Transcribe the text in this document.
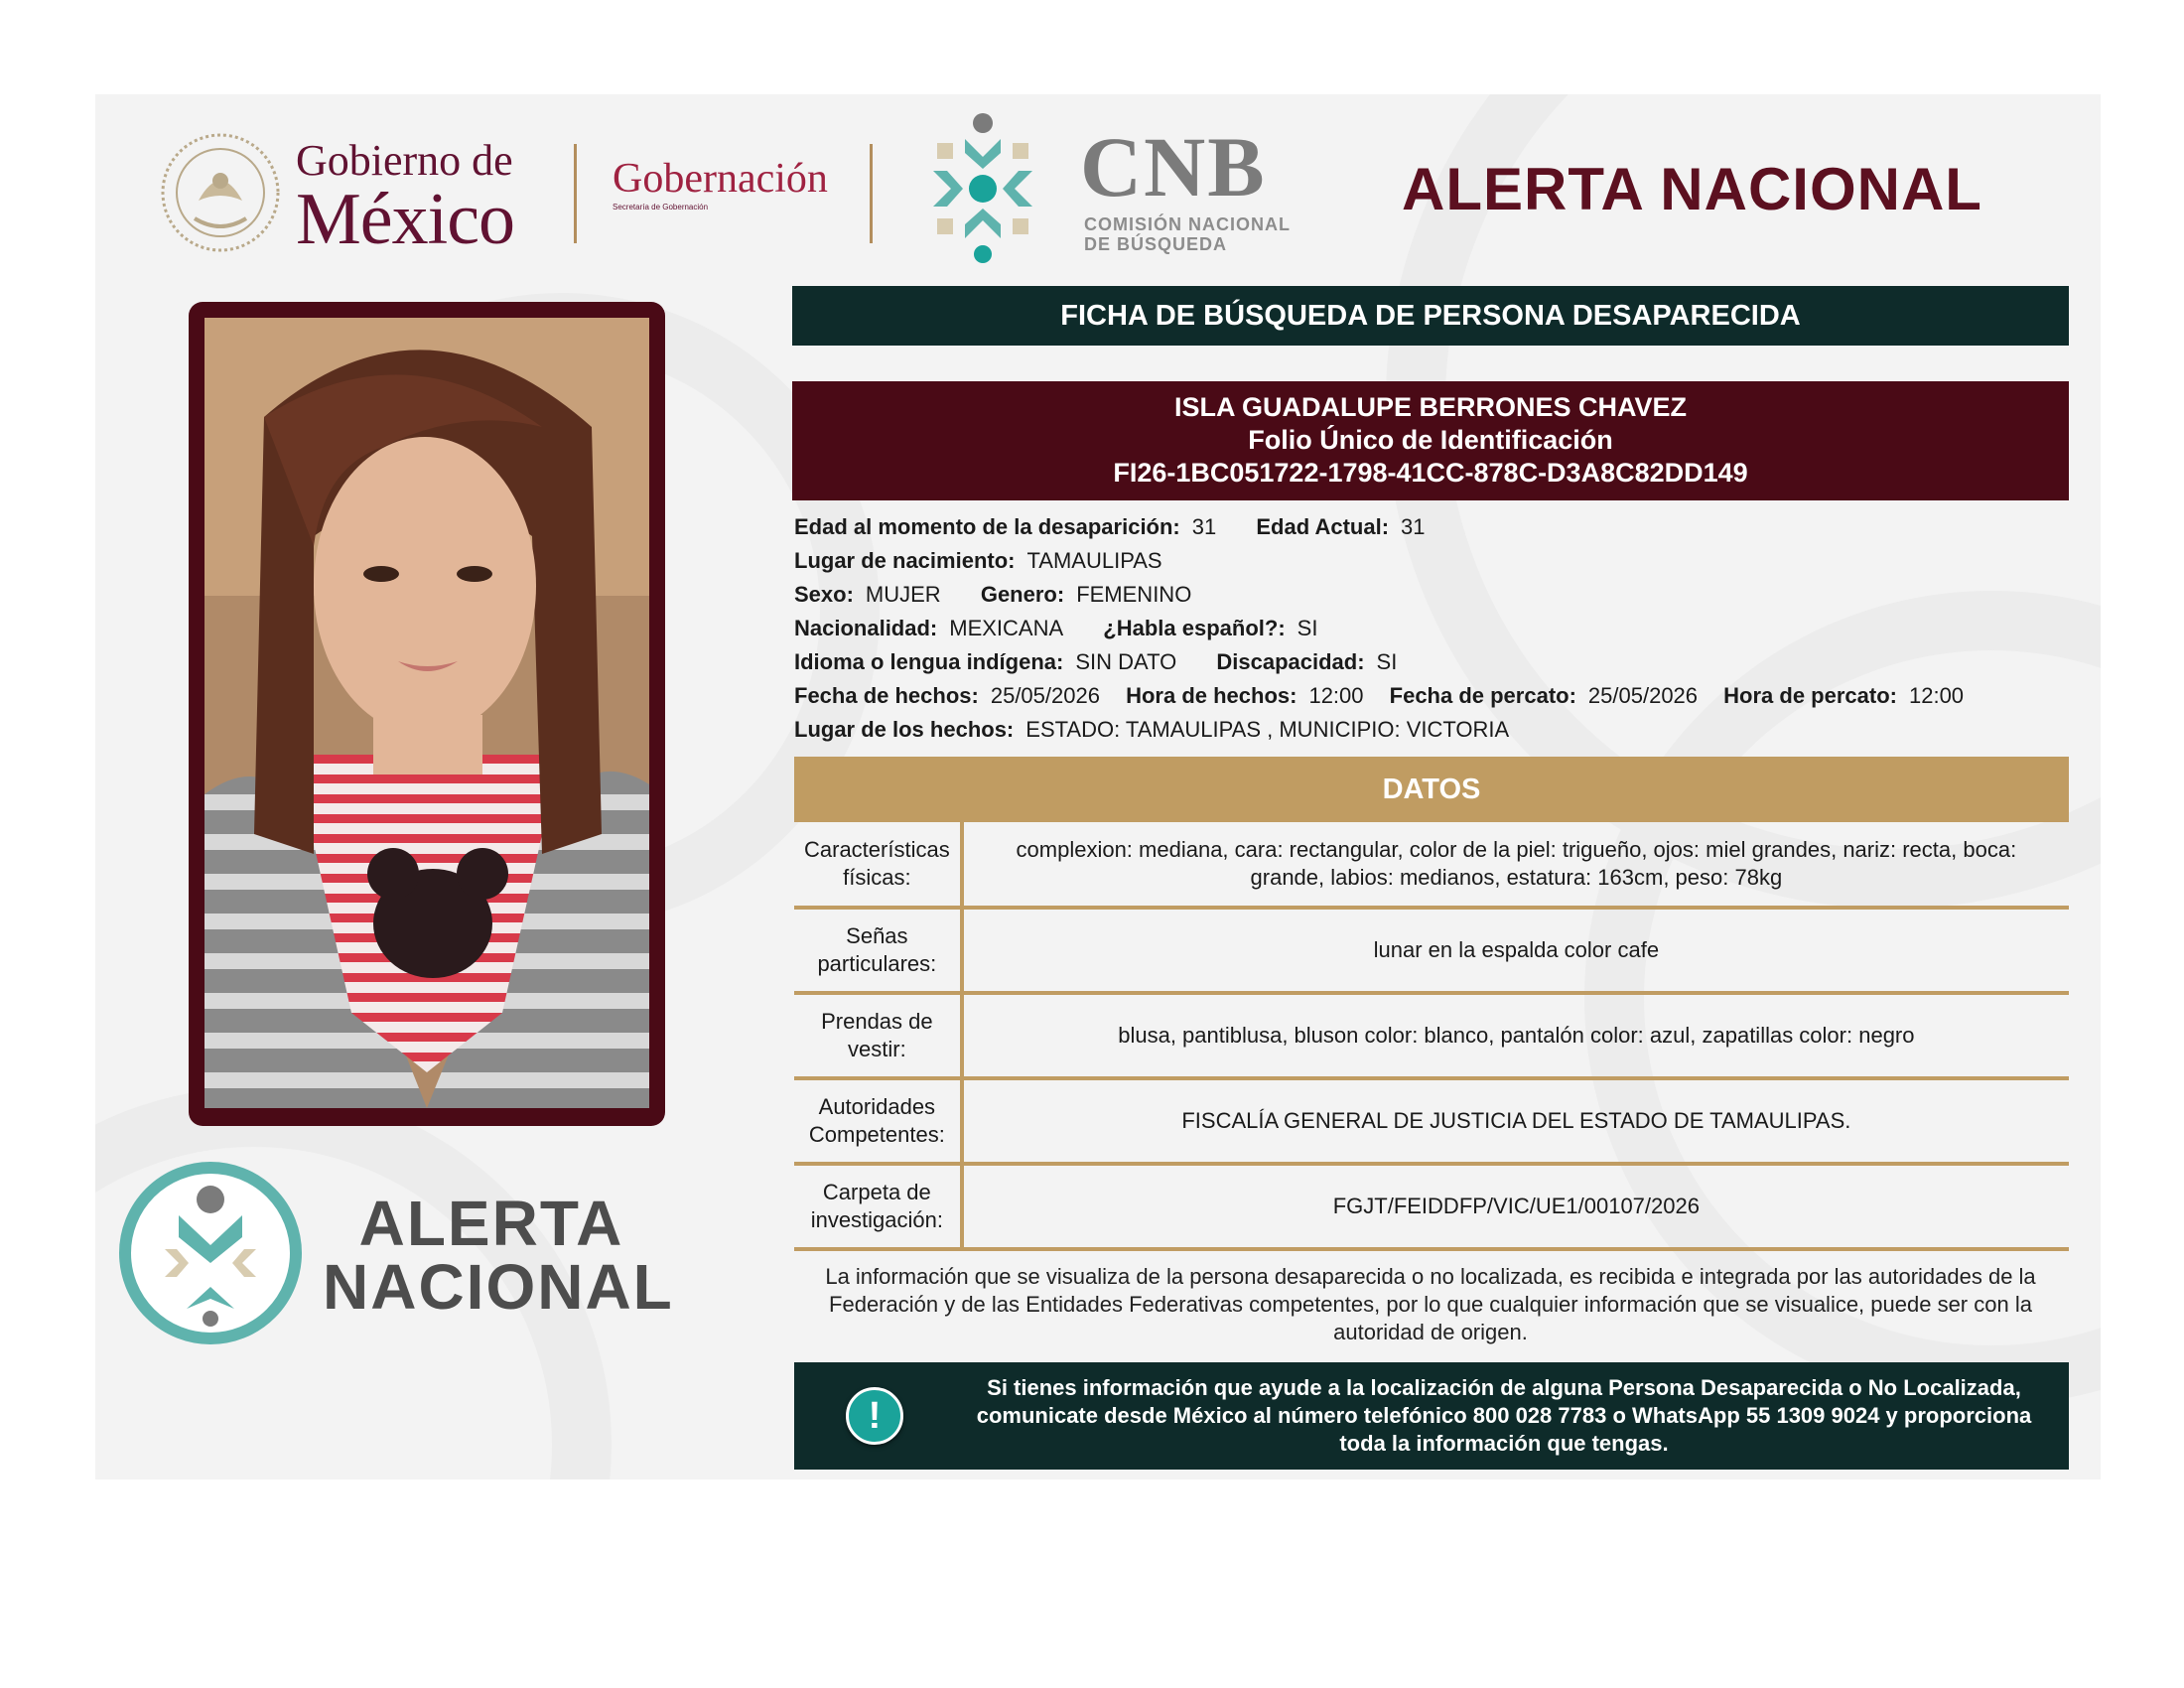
Gobierno de
México Gobernación
Secretaría de Gobernación	CNB
COMISIÓN NACIONAL
DE BÚSQUEDA
ALERTA NACIONAL
ALERTA
NACIONAL
FICHA DE BÚSQUEDA DE PERSONA DESAPARECIDA
ISLA GUADALUPE BERRONES CHAVEZ
Folio Único de Identificación
FI26-1BC051722-1798-41CC-878C-D3A8C82DD149
Edad al momento de la desaparición: 31 Edad Actual: 31
Lugar de nacimiento: TAMAULIPAS
Sexo: MUJER Genero: FEMENINO
Nacionalidad: MEXICANA ¿Habla español?: SI
Idioma o lengua indígena: SIN DATO Discapacidad: SI
Fecha de hechos: 25/05/2026 Hora de hechos: 12:00 Fecha de percato: 25/05/2026 Hora de percato: 12:00
Lugar de los hechos: ESTADO: TAMAULIPAS , MUNICIPIO: VICTORIA
DATOS
Características físicas:	complexion: mediana, cara: rectangular, color de la piel: trigueño, ojos: miel grandes, nariz: recta, boca: grande, labios: medianos, estatura: 163cm, peso: 78kg
Señas particulares:	lunar en la espalda color cafe
Prendas de vestir:	blusa, pantiblusa, bluson color: blanco, pantalón color: azul, zapatillas color: negro
Autoridades Competentes:	FISCALÍA GENERAL DE JUSTICIA DEL ESTADO DE TAMAULIPAS.
Carpeta de investigación:	FGJT/FEIDDFP/VIC/UE1/00107/2026
La información que se visualiza de la persona desaparecida o no localizada, es recibida e integrada por las autoridades de la Federación y de las Entidades Federativas competentes, por lo que cualquier información que se visualice, puede ser con la autoridad de origen.
!
Si tienes información que ayude a la localización de alguna Persona Desaparecida o No Localizada, comunicate desde México al número telefónico 800 028 7783 o WhatsApp 55 1309 9024 y proporciona toda la información que tengas.
